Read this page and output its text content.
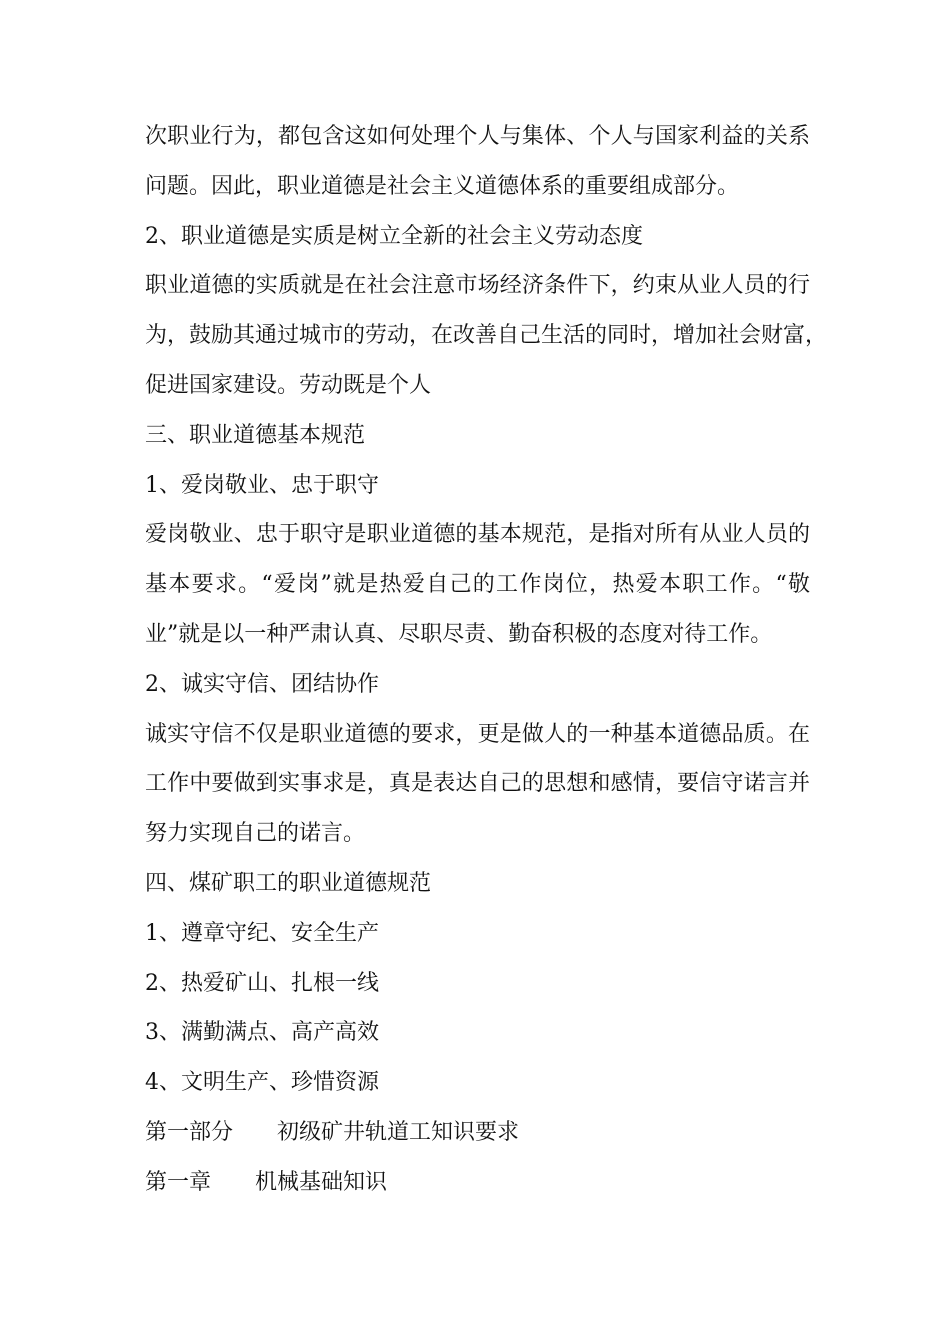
次职业行为，都包含这如何处理个人与集体、个人与国家利益的关系
问题。因此，职业道德是社会主义道德体系的重要组成部分。
2、职业道德是实质是树立全新的社会主义劳动态度
职业道德的实质就是在社会注意市场经济条件下，约束从业人员的行
为，鼓励其通过城市的劳动，在改善自己生活的同时，增加社会财富，
促进国家建设。劳动既是个人
三、职业道德基本规范
1、爱岗敬业、忠于职守
爱岗敬业、忠于职守是职业道德的基本规范，是指对所有从业人员的
基本要求。“爱岗”就是热爱自己的工作岗位，热爱本职工作。“敬
业”就是以一种严肃认真、尽职尽责、勤奋积极的态度对待工作。
2、诚实守信、团结协作
诚实守信不仅是职业道德的要求，更是做人的一种基本道德品质。在
工作中要做到实事求是，真是表达自己的思想和感情，要信守诺言并
努力实现自己的诺言。
四、煤矿职工的职业道德规范
1、遵章守纪、安全生产
2、热爱矿山、扎根一线
3、满勤满点、高产高效
4、文明生产、珍惜资源
第一部分 初级矿井轨道工知识要求
第一章 机械基础知识
